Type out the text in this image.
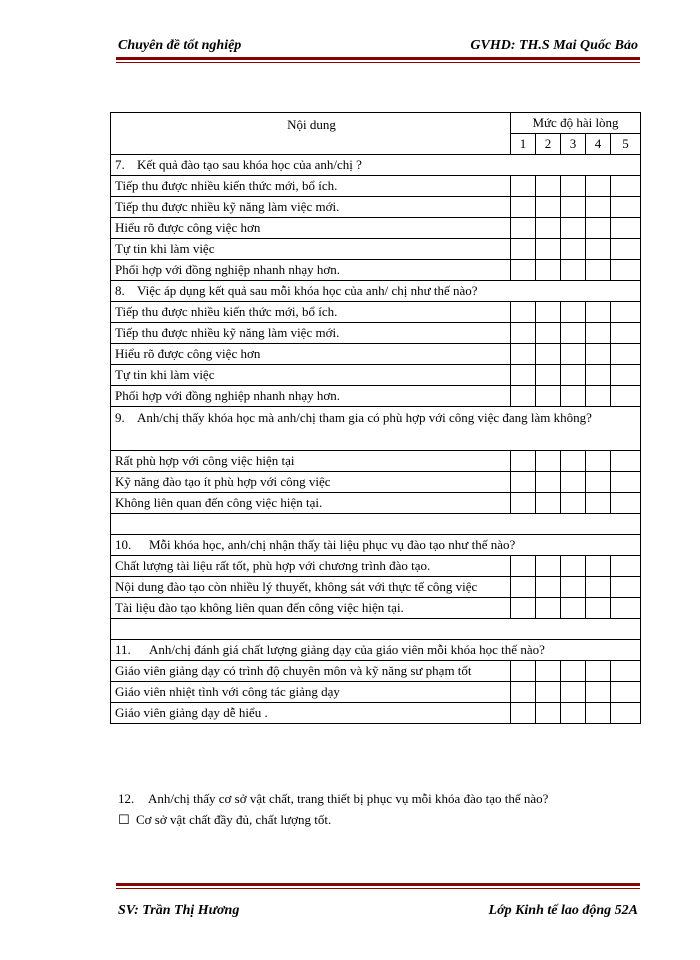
Chuyên đề tốt nghiệp	GVHD: TH.S Mai Quốc Bảo
Nội dung	Mức độ hài lòng				
	1	2	3	4	5
7. Kết quả đào tạo sau khóa học của anh/chị ?					
Tiếp thu được nhiều kiến thức mới, bổ ích.					
Tiếp thu được nhiều kỹ năng làm việc mới.					
Hiểu rõ được công việc hơn					
Tự tin khi làm việc					
Phối hợp với đồng nghiệp nhanh nhạy hơn.					
8. Việc áp dụng kết quả sau mỗi khóa học của anh/ chị như thế nào?					
Tiếp thu được nhiều kiến thức mới, bổ ích.					
Tiếp thu được nhiều kỹ năng làm việc mới.					
Hiểu rõ được công việc hơn					
Tự tin khi làm việc					
Phối hợp với đồng nghiệp nhanh nhạy hơn.					
9. Anh/chị thấy khóa học mà anh/chị tham gia có phù hợp với công việc đang làm không?					
Rất phù hợp với công việc hiện tại					
Kỹ năng đào tạo ít phù hợp với công việc					
Không liên quan đến công việc hiện tại.					

10. Mỗi khóa học, anh/chị nhận thấy tài liệu phục vụ đào tạo như thế nào?					
Chất lượng tài liệu rất tốt, phù hợp với chương trình đào tạo.					
Nội dung đào tạo còn nhiều lý thuyết, không sát với thực tế công việc					
Tài liệu đào tạo không liên quan đến công việc hiện tại.					

11. Anh/chị đánh giá chất lượng giảng dạy của giáo viên mỗi khóa học thế nào?					
Giáo viên giảng dạy có trình độ chuyên môn và kỹ năng sư phạm tốt					
Giáo viên nhiệt tình với công tác giảng dạy					
Giáo viên giảng dạy dễ hiểu .					
12. Anh/chị thấy cơ sở vật chất, trang thiết bị phục vụ mỗi khóa đào tạo thế nào?
☐ Cơ sở vật chất đầy đủ, chất lượng tốt.
SV: Trần Thị Hương	Lớp Kinh tế lao động 52A
